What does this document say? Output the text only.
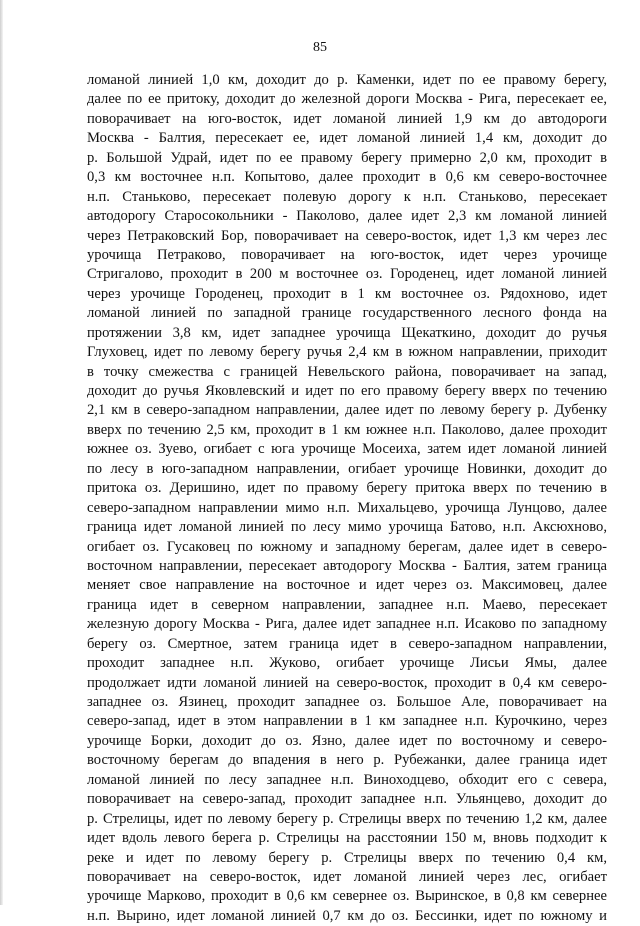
85
ломаной линией 1,0 км, доходит до р. Каменки, идет по ее правому берегу,
далее по ее притоку, доходит до железной дороги Москва - Рига, пересекает ее,
поворачивает на юго-восток, идет ломаной линией 1,9 км до автодороги
Москва - Балтия, пересекает ее, идет ломаной линией 1,4 км, доходит до
р. Большой Удрай, идет по ее правому берегу примерно 2,0 км, проходит в
0,3 км восточнее н.п. Копытово, далее проходит в 0,6 км северо-восточнее
н.п. Станьково, пересекает полевую дорогу к н.п. Станьково, пересекает
автодорогу Старосокольники - Паколово, далее идет 2,3 км ломаной линией
через Петраковский Бор, поворачивает на северо-восток, идет 1,3 км через лес
урочища Петраково, поворачивает на юго-восток, идет через урочище
Стригалово, проходит в 200 м восточнее оз. Городенец, идет ломаной линией
через урочище Городенец, проходит в 1 км восточнее оз. Рядохново, идет
ломаной линией по западной границе государственного лесного фонда на
протяжении 3,8 км, идет западнее урочища Щекаткино, доходит до ручья
Глуховец, идет по левому берегу ручья 2,4 км в южном направлении, приходит
в точку смежества с границей Невельского района, поворачивает на запад,
доходит до ручья Яковлевский и идет по его правому берегу вверх по течению
2,1 км в северо-западном направлении, далее идет по левому берегу р. Дубенку
вверх по течению 2,5 км, проходит в 1 км южнее н.п. Паколово, далее проходит
южнее оз. Зуево, огибает с юга урочище Мосеиха, затем идет ломаной линией
по лесу в юго-западном направлении, огибает урочище Новинки, доходит до
притока оз. Деришино, идет по правому берегу притока вверх по течению в
северо-западном направлении мимо н.п. Михальцево, урочища Лунцово, далее
граница идет ломаной линией по лесу мимо урочища Батово, н.п. Аксюхново,
огибает оз. Гусаковец по южному и западному берегам, далее идет в северо-
восточном направлении, пересекает автодорогу Москва - Балтия, затем граница
меняет свое направление на восточное и идет через оз. Максимовец, далее
граница идет в северном направлении, западнее н.п. Маево, пересекает
железную дорогу Москва - Рига, далее идет западнее н.п. Исаково по западному
берегу оз. Смертное, затем граница идет в северо-западном направлении,
проходит западнее н.п. Жуково, огибает урочище Лисьи Ямы, далее
продолжает идти ломаной линией на северо-восток, проходит в 0,4 км северо-
западнее оз. Язинец, проходит западнее оз. Большое Але, поворачивает на
северо-запад, идет в этом направлении в 1 км западнее н.п. Курочкино, через
урочище Борки, доходит до оз. Язно, далее идет по восточному и северо-
восточному берегам до впадения в него р. Рубежанки, далее граница идет
ломаной линией по лесу западнее н.п. Виноходцево, обходит его с севера,
поворачивает на северо-запад, проходит западнее н.п. Ульянцево, доходит до
р. Стрелицы, идет по левому берегу р. Стрелицы вверх по течению 1,2 км, далее
идет вдоль левого берега р. Стрелицы на расстоянии 150 м, вновь подходит к
реке и идет по левому берегу р. Стрелицы вверх по течению 0,4 км,
поворачивает на северо-восток, идет ломаной линией через лес, огибает
урочище Марково, проходит в 0,6 км севернее оз. Выринское, в 0,8 км севернее
н.п. Вырино, идет ломаной линией 0,7 км до оз. Бессинки, идет по южному и
